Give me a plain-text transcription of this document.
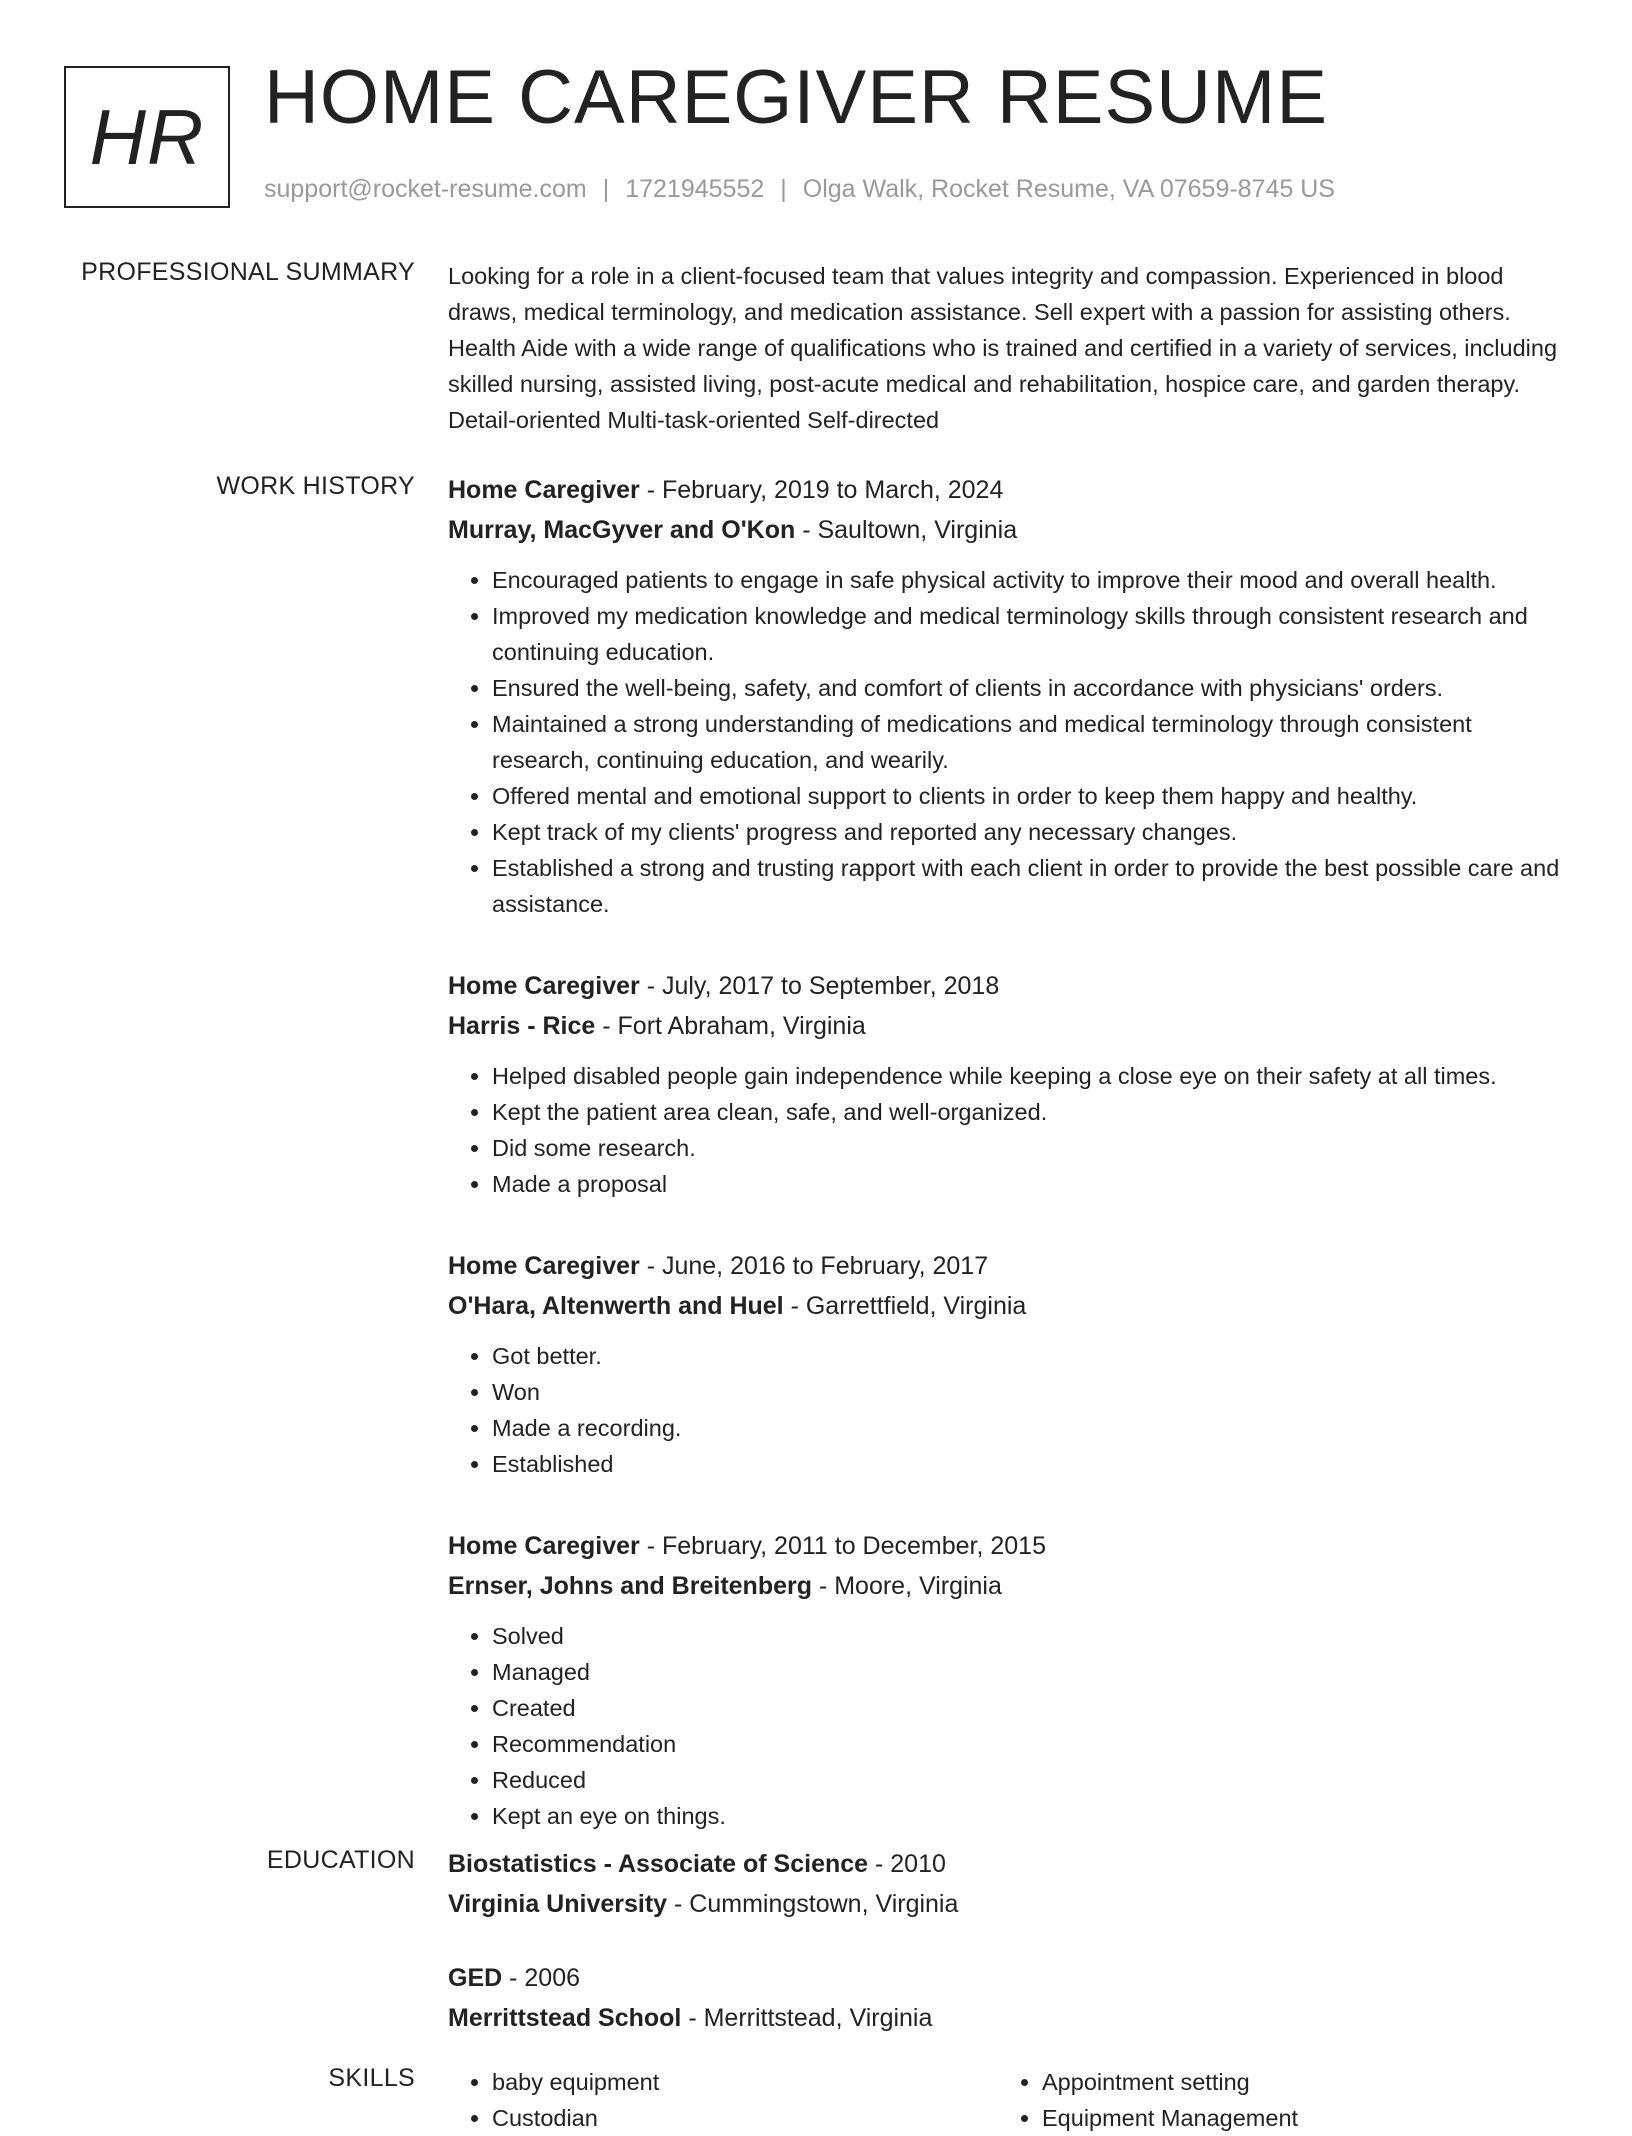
HR HOME CAREGIVER RESUME
support@rocket-resume.com | 1721945552 | Olga Walk, Rocket Resume, VA 07659-8745 US
PROFESSIONAL SUMMARY Looking for a role in a client-focused team that values integrity and compassion. Experienced in blood draws, medical terminology, and medication assistance. Sell expert with a passion for assisting others. Health Aide with a wide range of qualifications who is trained and certified in a variety of services, including skilled nursing, assisted living, post-acute medical and rehabilitation, hospice care, and garden therapy. Detail-oriented Multi-task-oriented Self-directed

WORK HISTORY Home Caregiver - February, 2019 to March, 2024

Murray, MacGyver and O'Kon - Saultown, Virginia

• Encouraged patients to engage in safe physical activity to improve their mood and overall health.
• Improved my medication knowledge and medical terminology skills through consistent research and continuing education.
• Ensured the well-being, safety, and comfort of clients in accordance with physicians' orders.
• Maintained a strong understanding of medications and medical terminology through consistent research, continuing education, and wearily.
• Offered mental and emotional support to clients in order to keep them happy and healthy.
• Kept track of my clients' progress and reported any necessary changes.
• Established a strong and trusting rapport with each client in order to provide the best possible care and assistance.

Home Caregiver - July, 2017 to September, 2018

Harris - Rice - Fort Abraham, Virginia

• Helped disabled people gain independence while keeping a close eye on their safety at all times.
• Kept the patient area clean, safe, and well-organized.
• Did some research.
• Made a proposal

Home Caregiver - June, 2016 to February, 2017

O'Hara, Altenwerth and Huel - Garrettfield, Virginia

• Got better.
• Won
• Made a recording.
• Established

Home Caregiver - February, 2011 to December, 2015

Ernser, Johns and Breitenberg - Moore, Virginia

• Solved
• Managed
• Created
• Recommendation
• Reduced
• Kept an eye on things.
EDUCATION Biostatistics - Associate of Science - 2010

Virginia University - Cummingstown, Virginia

GED - 2006

Merrittstead School - Merrittstead, Virginia

SKILLS
•	baby equipment
• Custodian
• Appointment setting
• Equipment Management
